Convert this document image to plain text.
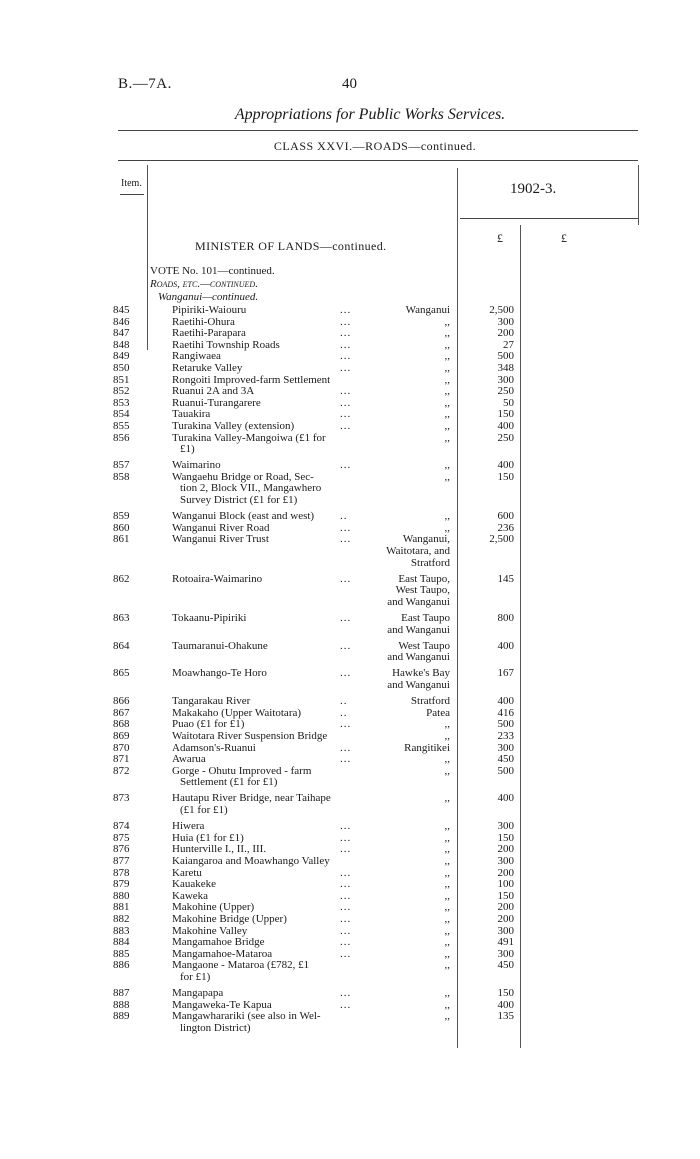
B.—7A.	40
Appropriations for Public Works Services.
CLASS XXVI.—ROADS—continued.
Item.	1902-3.
£	£
MINISTER OF LANDS—continued.
VOTE No. 101—continued.
Roads, etc.—continued.
Wanganui—continued.
845	Pipiriki-Waiouru	...	Wanganui	2,500
846	Raetihi-Ohura	...	,,	300
847	Raetihi-Parapara	...	,,	200
848	Raetihi Township Roads	...	,,	27
849	Rangiwaea	...	,,	500
850	Retaruke Valley	...	,,	348
851	Rongoiti Improved-farm Settlement	,,	300
852	Ruanui 2A and 3A	...	,,	250
853	Ruanui-Turangarere	...	,,	50
854	Tauakira	...	,,	150
855	Turakina Valley (extension)	...	,,	400
856	Turakina Valley-Mangoiwa (£1 for
£1)
,,	250
857	Waimarino	...	,,	400
858	Wangaehu Bridge or Road, Sec-
tion 2, Block VII., Mangawhero
Survey District (£1 for £1)
,,	150
859	Wanganui Block (east and west) ..	,,	600
860	Wanganui River Road	...	,,	236
861	Wanganui River Trust	...	Wanganui,
Waitotara, and
Stratford
2,500
862	Rotoaira-Waimarino	...	East Taupo,
West Taupo,
and Wanganui
145
863	Tokaanu-Pipiriki	...	East Taupo
and Wanganui
800
864	Taumaranui-Ohakune	...	West Taupo
and Wanganui
400
865	Moawhango-Te Horo	...	Hawke's Bay
and Wanganui
167
866	Tangarakau River	..	Stratford	400
867	Makakaho (Upper Waitotara)	..	Patea	416
868	Puao (£1 for £1)	...	,,	500
869	Waitotara River Suspension Bridge	,,	233
870	Adamson's-Ruanui	...	Rangitikei	300
871	Awarua	...	,,	450
872	Gorge - Ohutu Improved - farm
Settlement (£1 for £1)
,,	500
873	Hautapu River Bridge, near Taihape
(£1 for £1)
,,	400
874	Hiwera	...	,,	300
875	Huia (£1 for £1)	...	,,	150
876	Hunterville I., II., III.	...	,,	200
877	Kaiangaroa and Moawhango Valley	,,	300
878	Karetu	...	,,	200
879	Kauakeke	...	,,	100
880	Kaweka	...	,,	150
881	Makohine (Upper)	...	,,	200
882	Makohine Bridge (Upper)	...	,,	200
883	Makohine Valley	...	,,	300
884	Mangamahoe Bridge	...	,,	491
885	Mangamahoe-Mataroa	...	,,	300
886	Mangaone - Mataroa (£782, £1
for £1)
,,	450
887	Mangapapa	...	,,	150
888	Mangaweka-Te Kapua	...	,,	400
889	Mangawharariki (see also in Wel-
lington District)
,,	135
